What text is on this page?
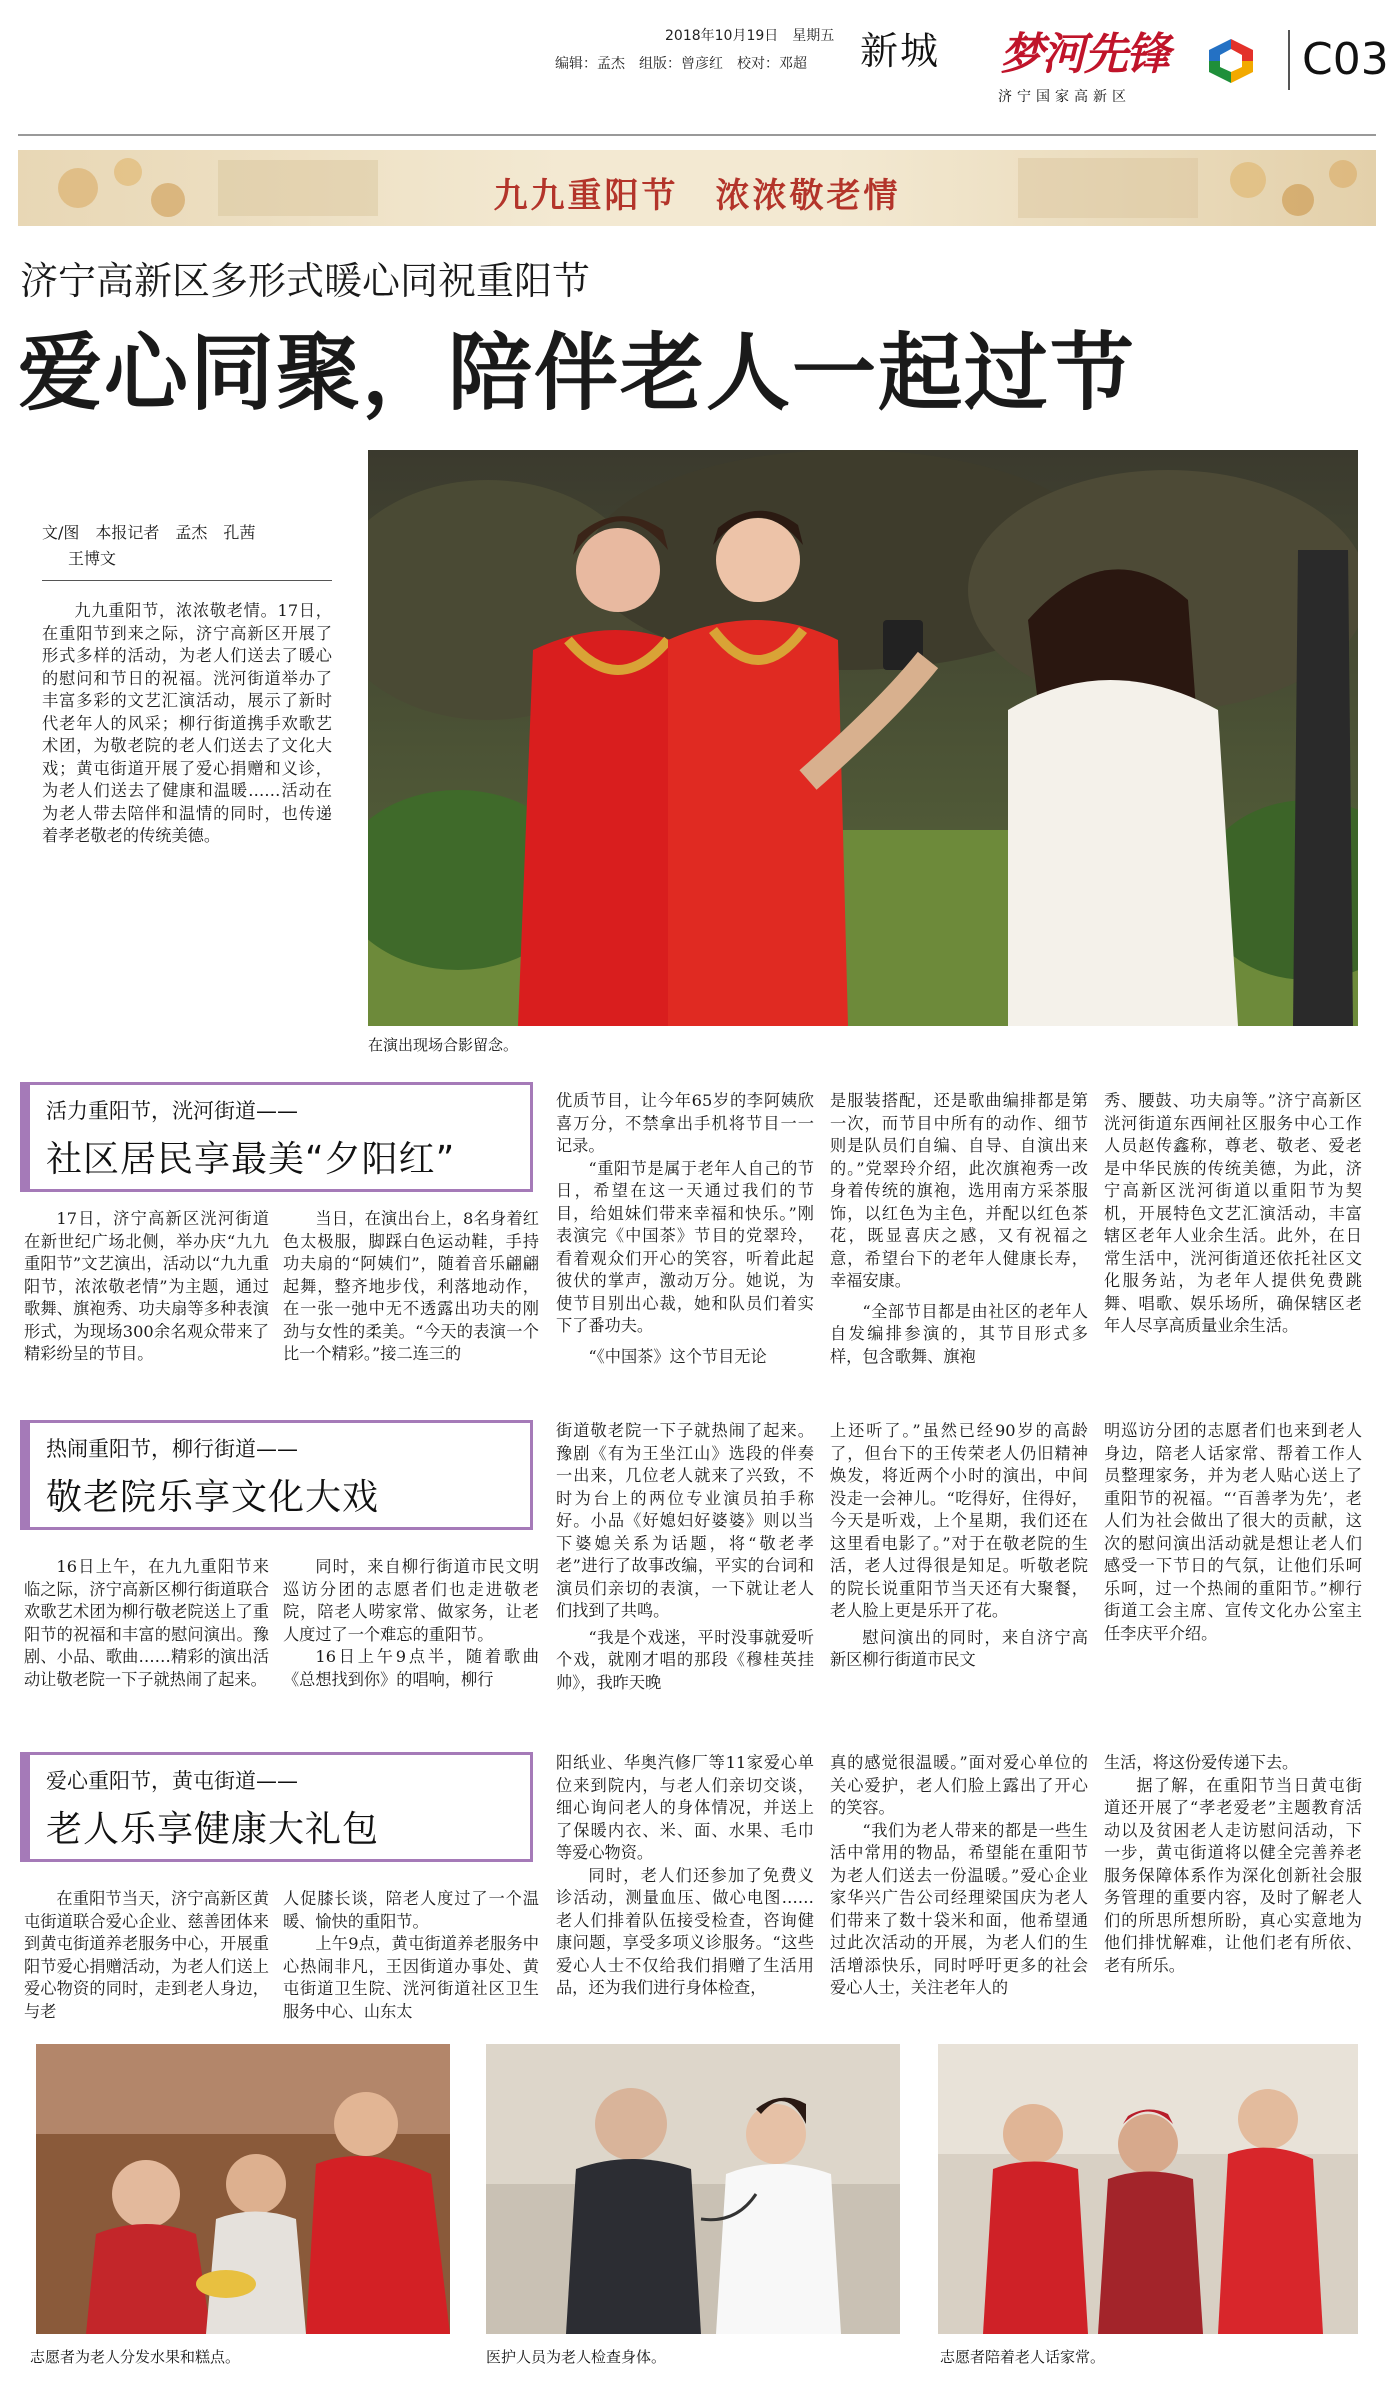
2018年10月19日　星期五
编辑：孟杰　组版：曾彦红　校对：邓超	新城 梦河先锋
济宁国家高新区
C03
九九重阳节　浓浓敬老情
济宁高新区多形式暖心同祝重阳节
爱心同聚，陪伴老人一起过节
在演出现场合影留念。
文/图　本报记者　孟杰　孔茜
王博文
九九重阳节，浓浓敬老情。17日，在重阳节到来之际，济宁高新区开展了形式多样的活动，为老人们送去了暖心的慰问和节日的祝福。洸河街道举办了丰富多彩的文艺汇演活动，展示了新时代老年人的风采；柳行街道携手欢歌艺术团，为敬老院的老人们送去了文化大戏；黄屯街道开展了爱心捐赠和义诊，为老人们送去了健康和温暖……活动在为老人带去陪伴和温情的同时，也传递着孝老敬老的传统美德。
活力重阳节，洸河街道——
社区居民享最美“夕阳红”
17日，济宁高新区洸河街道在新世纪广场北侧，举办庆“九九重阳节”文艺演出，活动以“九九重阳节，浓浓敬老情”为主题，通过歌舞、旗袍秀、功夫扇等多种表演形式，为现场300余名观众带来了精彩纷呈的节目。
当日，在演出台上，8名身着红色太极服，脚踩白色运动鞋，手持功夫扇的“阿姨们”，随着音乐翩翩起舞，整齐地步伐，利落地动作，在一张一弛中无不透露出功夫的刚劲与女性的柔美。“今天的表演一个比一个精彩。”接二连三的
优质节目，让今年65岁的李阿姨欣喜万分，不禁拿出手机将节目一一记录。
“重阳节是属于老年人自己的节日，希望在这一天通过我们的节目，给姐妹们带来幸福和快乐。”刚表演完《中国茶》节目的党翠玲，看着观众们开心的笑容，听着此起彼伏的掌声，激动万分。她说，为使节目别出心裁，她和队员们着实下了番功夫。
“《中国茶》这个节目无论
是服装搭配，还是歌曲编排都是第一次，而节目中所有的动作、细节则是队员们自编、自导、自演出来的。”党翠玲介绍，此次旗袍秀一改身着传统的旗袍，选用南方采茶服饰，以红色为主色，并配以红色茶花，既显喜庆之感，又有祝福之意，希望台下的老年人健康长寿，幸福安康。
“全部节目都是由社区的老年人自发编排参演的，其节目形式多样，包含歌舞、旗袍
秀、腰鼓、功夫扇等。”济宁高新区洸河街道东西闸社区服务中心工作人员赵传鑫称，尊老、敬老、爱老是中华民族的传统美德，为此，济宁高新区洸河街道以重阳节为契机，开展特色文艺汇演活动，丰富辖区老年人业余生活。此外，在日常生活中，洸河街道还依托社区文化服务站，为老年人提供免费跳舞、唱歌、娱乐场所，确保辖区老年人尽享高质量业余生活。
热闹重阳节，柳行街道——
敬老院乐享文化大戏
16日上午，在九九重阳节来临之际，济宁高新区柳行街道联合欢歌艺术团为柳行敬老院送上了重阳节的祝福和丰富的慰问演出。豫剧、小品、歌曲……精彩的演出活动让敬老院一下子就热闹了起来。
同时，来自柳行街道市民文明巡访分团的志愿者们也走进敬老院，陪老人唠家常、做家务，让老人度过了一个难忘的重阳节。
16日上午9点半，随着歌曲《总想找到你》的唱响，柳行
街道敬老院一下子就热闹了起来。豫剧《有为王坐江山》选段的伴奏一出来，几位老人就来了兴致，不时为台上的两位专业演员拍手称好。小品《好媳妇好婆婆》则以当下婆媳关系为话题，将“敬老孝老”进行了故事改编，平实的台词和演员们亲切的表演，一下就让老人们找到了共鸣。
“我是个戏迷，平时没事就爱听个戏，就刚才唱的那段《穆桂英挂帅》，我昨天晚
上还听了。”虽然已经90岁的高龄了，但台下的王传荣老人仍旧精神焕发，将近两个小时的演出，中间没走一会神儿。“吃得好，住得好，今天是听戏，上个星期，我们还在这里看电影了。”对于在敬老院的生活，老人过得很是知足。听敬老院的院长说重阳节当天还有大聚餐，老人脸上更是乐开了花。
慰问演出的同时，来自济宁高新区柳行街道市民文
明巡访分团的志愿者们也来到老人身边，陪老人话家常、帮着工作人员整理家务，并为老人贴心送上了重阳节的祝福。“‘百善孝为先’，老人们为社会做出了很大的贡献，这次的慰问演出活动就是想让老人们感受一下节日的气氛，让他们乐呵乐呵，过一个热闹的重阳节。”柳行街道工会主席、宣传文化办公室主任李庆平介绍。
爱心重阳节，黄屯街道——
老人乐享健康大礼包
在重阳节当天，济宁高新区黄屯街道联合爱心企业、慈善团体来到黄屯街道养老服务中心，开展重阳节爱心捐赠活动，为老人们送上爱心物资的同时，走到老人身边，与老
人促膝长谈，陪老人度过了一个温暖、愉快的重阳节。
上午9点，黄屯街道养老服务中心热闹非凡，王因街道办事处、黄屯街道卫生院、洸河街道社区卫生服务中心、山东太
阳纸业、华奥汽修厂等11家爱心单位来到院内，与老人们亲切交谈，细心询问老人的身体情况，并送上了保暖内衣、米、面、水果、毛巾等爱心物资。
同时，老人们还参加了免费义诊活动，测量血压、做心电图……老人们排着队伍接受检查，咨询健康问题，享受多项义诊服务。“这些爱心人士不仅给我们捐赠了生活用品，还为我们进行身体检查，
真的感觉很温暖。”面对爱心单位的关心爱护，老人们脸上露出了开心的笑容。
“我们为老人带来的都是一些生活中常用的物品，希望能在重阳节为老人们送去一份温暖。”爱心企业家华兴广告公司经理梁国庆为老人们带来了数十袋米和面，他希望通过此次活动的开展，为老人们的生活增添快乐，同时呼吁更多的社会爱心人士，关注老年人的
生活，将这份爱传递下去。
据了解，在重阳节当日黄屯街道还开展了“孝老爱老”主题教育活动以及贫困老人走访慰问活动，下一步，黄屯街道将以健全完善养老服务保障体系作为深化创新社会服务管理的重要内容，及时了解老人们的所思所想所盼，真心实意地为他们排忧解难，让他们老有所依、老有所乐。
志愿者为老人分发水果和糕点。	医护人员为老人检查身体。	志愿者陪着老人话家常。
